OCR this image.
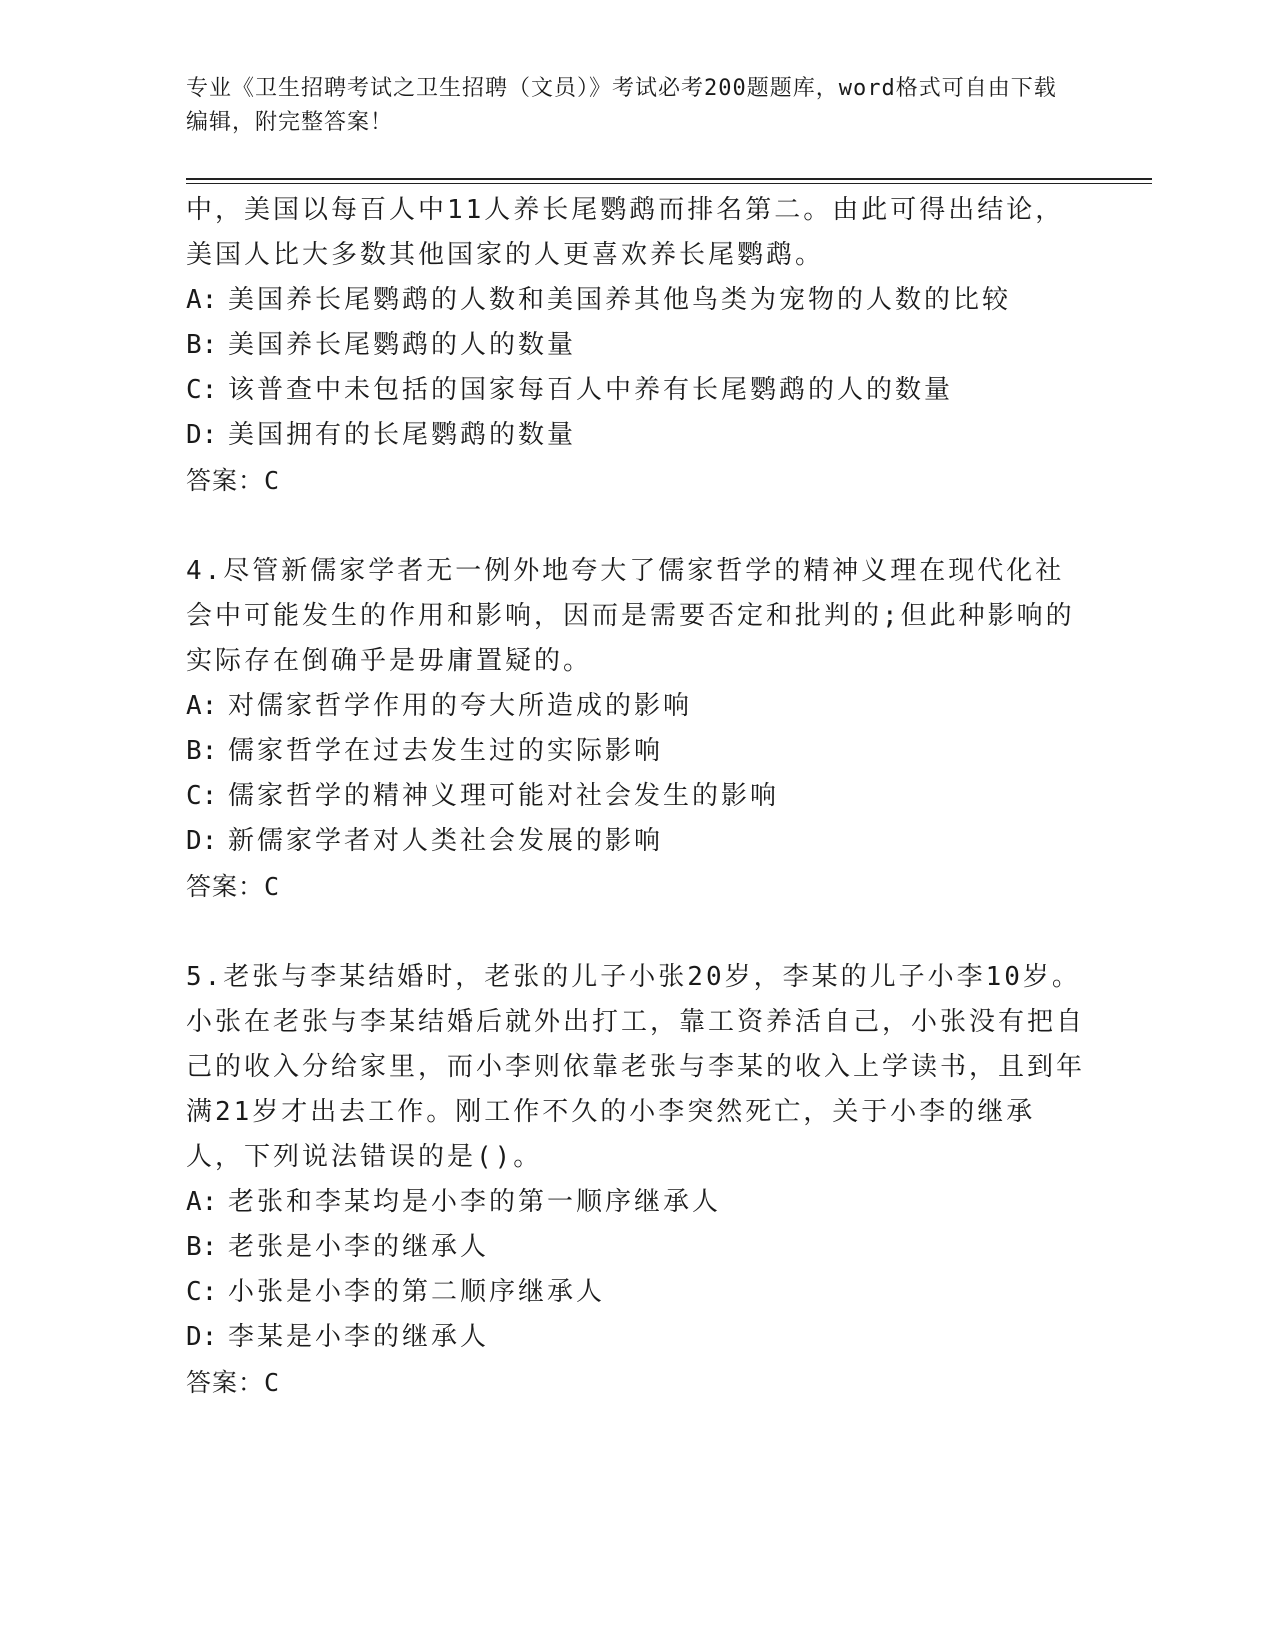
专业《卫生招聘考试之卫生招聘（文员）》考试必考200题题库，word格式可自由下载编辑，附完整答案！

中，美国以每百人中11人养长尾鹦鹉而排名第二。由此可得出结论，美国人比大多数其他国家的人更喜欢养长尾鹦鹉。

A: 美国养长尾鹦鹉的人数和美国养其他鸟类为宠物的人数的比较

B: 美国养长尾鹦鹉的人的数量

C: 该普查中未包括的国家每百人中养有长尾鹦鹉的人的数量

D: 美国拥有的长尾鹦鹉的数量

答案：C

4.尽管新儒家学者无一例外地夸大了儒家哲学的精神义理在现代化社会中可能发生的作用和影响，因而是需要否定和批判的;但此种影响的实际存在倒确乎是毋庸置疑的。

A: 对儒家哲学作用的夸大所造成的影响

B: 儒家哲学在过去发生过的实际影响

C: 儒家哲学的精神义理可能对社会发生的影响

D: 新儒家学者对人类社会发展的影响

答案：C

5.老张与李某结婚时，老张的儿子小张20岁，李某的儿子小李10岁。小张在老张与李某结婚后就外出打工，靠工资养活自己，小张没有把自己的收入分给家里，而小李则依靠老张与李某的收入上学读书，且到年满21岁才出去工作。刚工作不久的小李突然死亡，关于小李的继承人，下列说法错误的是()。

A: 老张和李某均是小李的第一顺序继承人

B: 老张是小李的继承人

C: 小张是小李的第二顺序继承人

D: 李某是小李的继承人

答案：C
